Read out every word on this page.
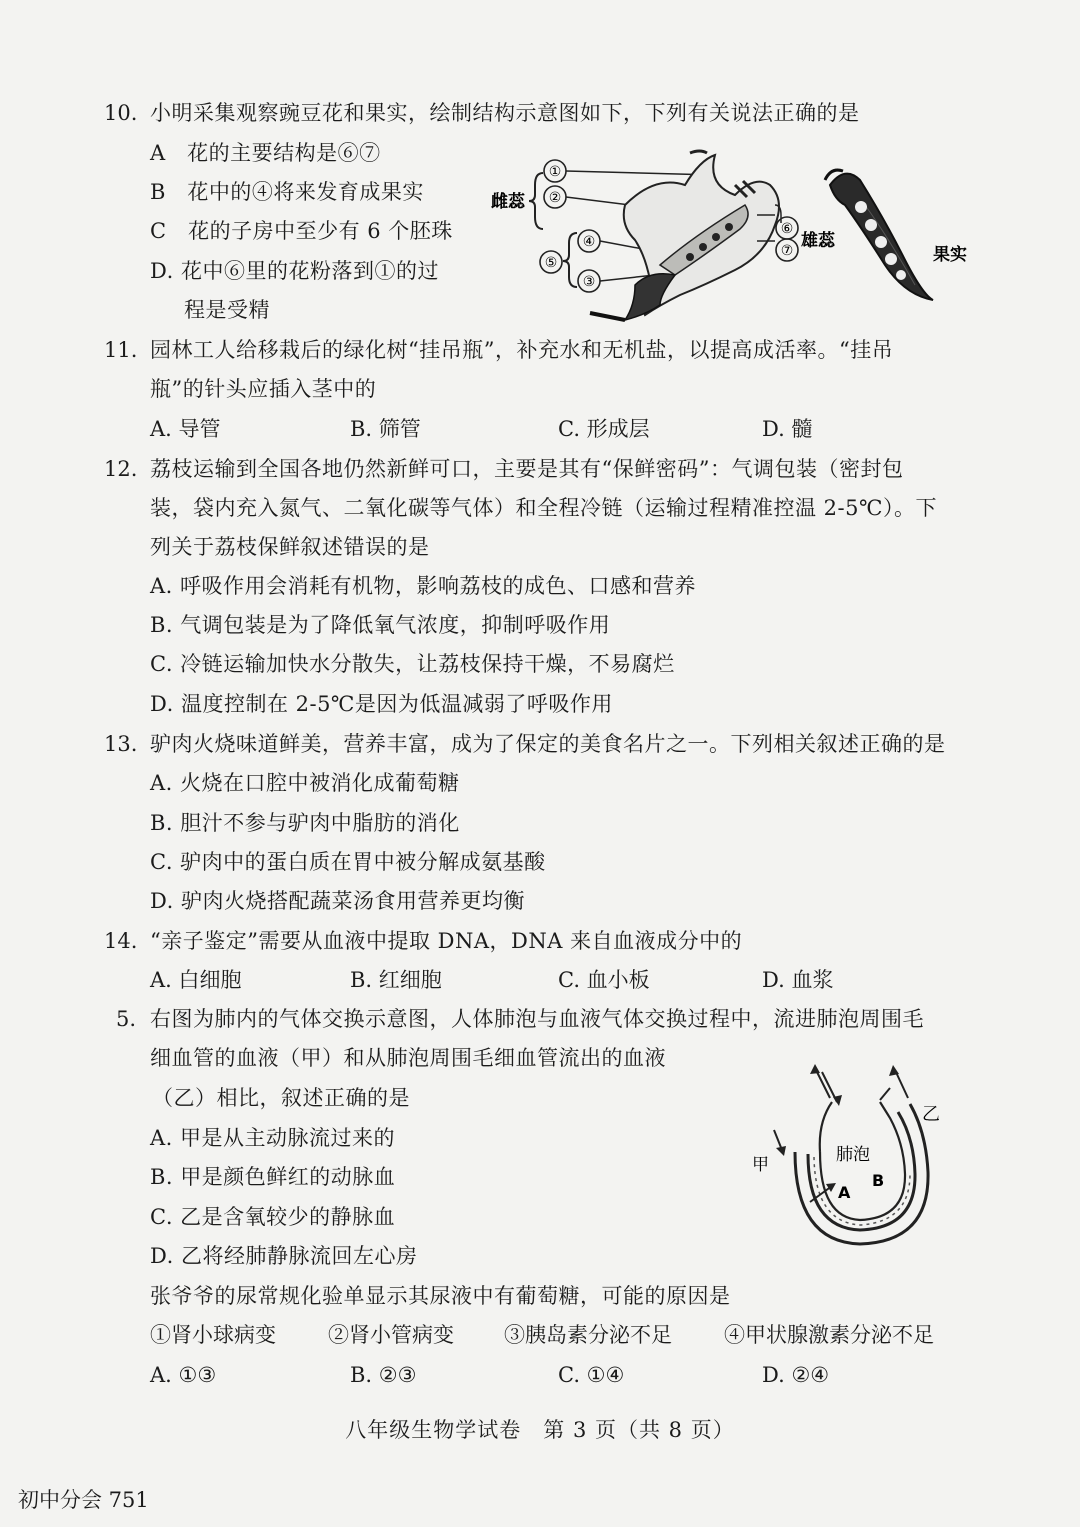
10. 小明采集观察豌豆花和果实，绘制结构示意图如下，下列有关说法正确的是
A　花的主要结构是⑥⑦
B　花中的④将来发育成果实
C　花的子房中至少有 6 个胚珠
D. 花中⑥里的花粉落到①的过
程是受精
雌蕊
①
②
⑤
④
③
⑥
⑦ 雄蕊
果实
11. 园林工人给移栽后的绿化树“挂吊瓶”，补充水和无机盐，以提高成活率。“挂吊
瓶”的针头应插入茎中的
A. 导管	B. 筛管	C. 形成层	D. 髓
12. 荔枝运输到全国各地仍然新鲜可口，主要是其有“保鲜密码”：气调包装（密封包
装，袋内充入氮气、二氧化碳等气体）和全程冷链（运输过程精准控温 2-5℃）。下
列关于荔枝保鲜叙述错误的是
A. 呼吸作用会消耗有机物，影响荔枝的成色、口感和营养
B. 气调包装是为了降低氧气浓度，抑制呼吸作用
C. 冷链运输加快水分散失，让荔枝保持干燥，不易腐烂
D. 温度控制在 2-5℃是因为低温减弱了呼吸作用
13. 驴肉火烧味道鲜美，营养丰富，成为了保定的美食名片之一。下列相关叙述正确的是
A. 火烧在口腔中被消化成葡萄糖
B. 胆汁不参与驴肉中脂肪的消化
C. 驴肉中的蛋白质在胃中被分解成氨基酸
D. 驴肉火烧搭配蔬菜汤食用营养更均衡
14. “亲子鉴定”需要从血液中提取 DNA，DNA 来自血液成分中的
A. 白细胞	B. 红细胞	C. 血小板	D. 血浆
5. 右图为肺内的气体交换示意图，人体肺泡与血液气体交换过程中，流进肺泡周围毛
细血管的血液（甲）和从肺泡周围毛细血管流出的血液
（乙）相比，叙述正确的是
A. 甲是从主动脉流过来的
B. 甲是颜色鲜红的动脉血
C. 乙是含氧较少的静脉血
D. 乙将经肺静脉流回左心房
A
B
肺泡
甲
乙
张爷爷的尿常规化验单显示其尿液中有葡萄糖，可能的原因是
①肾小球病变 ②肾小管病变 ③胰岛素分泌不足 ④甲状腺激素分泌不足
A. ①③	B. ②③	C. ①④	D. ②④
八年级生物学试卷　第 3 页（共 8 页）
初中分会 751
